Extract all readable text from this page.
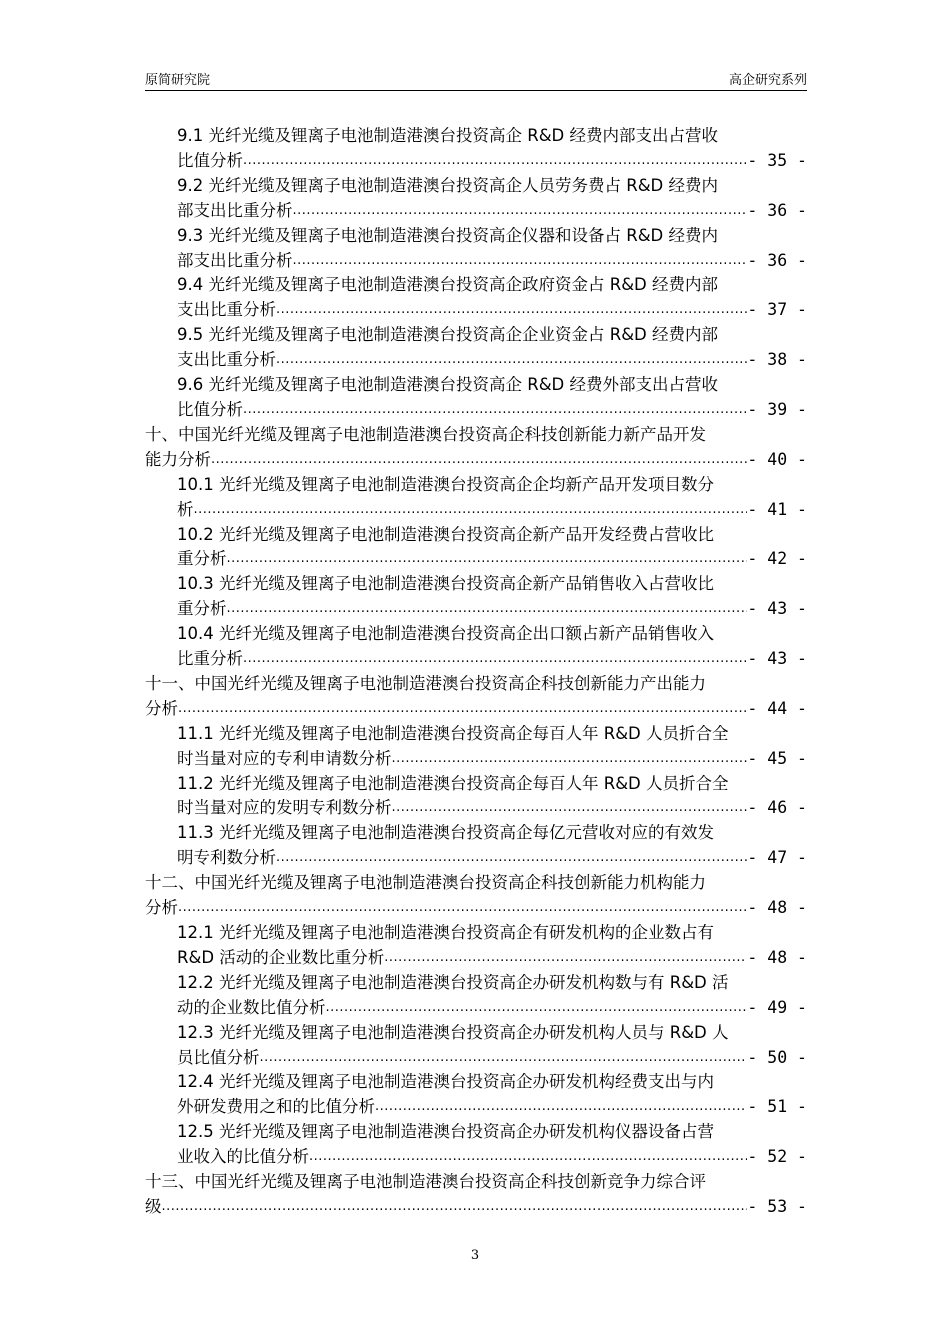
原简研究院	高企研究系列
9.1 光纤光缆及锂离子电池制造港澳台投资高企 R&D 经费内部支出占营收
比值分析 .....	- 35 -
9.2 光纤光缆及锂离子电池制造港澳台投资高企人员劳务费占 R&D 经费内
部支出比重分析 .....	- 36 -
9.3 光纤光缆及锂离子电池制造港澳台投资高企仪器和设备占 R&D 经费内
部支出比重分析 .....	- 36 -
9.4 光纤光缆及锂离子电池制造港澳台投资高企政府资金占 R&D 经费内部
支出比重分析 .....	- 37 -
9.5 光纤光缆及锂离子电池制造港澳台投资高企企业资金占 R&D 经费内部
支出比重分析 .....	- 38 -
9.6 光纤光缆及锂离子电池制造港澳台投资高企 R&D 经费外部支出占营收
比值分析 .....	- 39 -
十、中国光纤光缆及锂离子电池制造港澳台投资高企科技创新能力新产品开发
能力分析 .....	- 40 -
10.1 光纤光缆及锂离子电池制造港澳台投资高企企均新产品开发项目数分
析 .....	- 41 -
10.2 光纤光缆及锂离子电池制造港澳台投资高企新产品开发经费占营收比
重分析 .....	- 42 -
10.3 光纤光缆及锂离子电池制造港澳台投资高企新产品销售收入占营收比
重分析 .....	- 43 -
10.4 光纤光缆及锂离子电池制造港澳台投资高企出口额占新产品销售收入
比重分析 .....	- 43 -
十一、中国光纤光缆及锂离子电池制造港澳台投资高企科技创新能力产出能力
分析 .....	- 44 -
11.1 光纤光缆及锂离子电池制造港澳台投资高企每百人年 R&D 人员折合全
时当量对应的专利申请数分析 .....	- 45 -
11.2 光纤光缆及锂离子电池制造港澳台投资高企每百人年 R&D 人员折合全
时当量对应的发明专利数分析 .....	- 46 -
11.3 光纤光缆及锂离子电池制造港澳台投资高企每亿元营收对应的有效发
明专利数分析 .....	- 47 -
十二、中国光纤光缆及锂离子电池制造港澳台投资高企科技创新能力机构能力
分析 .....	- 48 -
12.1 光纤光缆及锂离子电池制造港澳台投资高企有研发机构的企业数占有
R&D 活动的企业数比重分析 .....	- 48 -
12.2 光纤光缆及锂离子电池制造港澳台投资高企办研发机构数与有 R&D 活
动的企业数比值分析 .....	- 49 -
12.3 光纤光缆及锂离子电池制造港澳台投资高企办研发机构人员与 R&D 人
员比值分析 .....	- 50 -
12.4 光纤光缆及锂离子电池制造港澳台投资高企办研发机构经费支出与内
外研发费用之和的比值分析 .....	- 51 -
12.5 光纤光缆及锂离子电池制造港澳台投资高企办研发机构仪器设备占营
业收入的比值分析 .....	- 52 -
十三、中国光纤光缆及锂离子电池制造港澳台投资高企科技创新竞争力综合评
级 .....	- 53 -
3
